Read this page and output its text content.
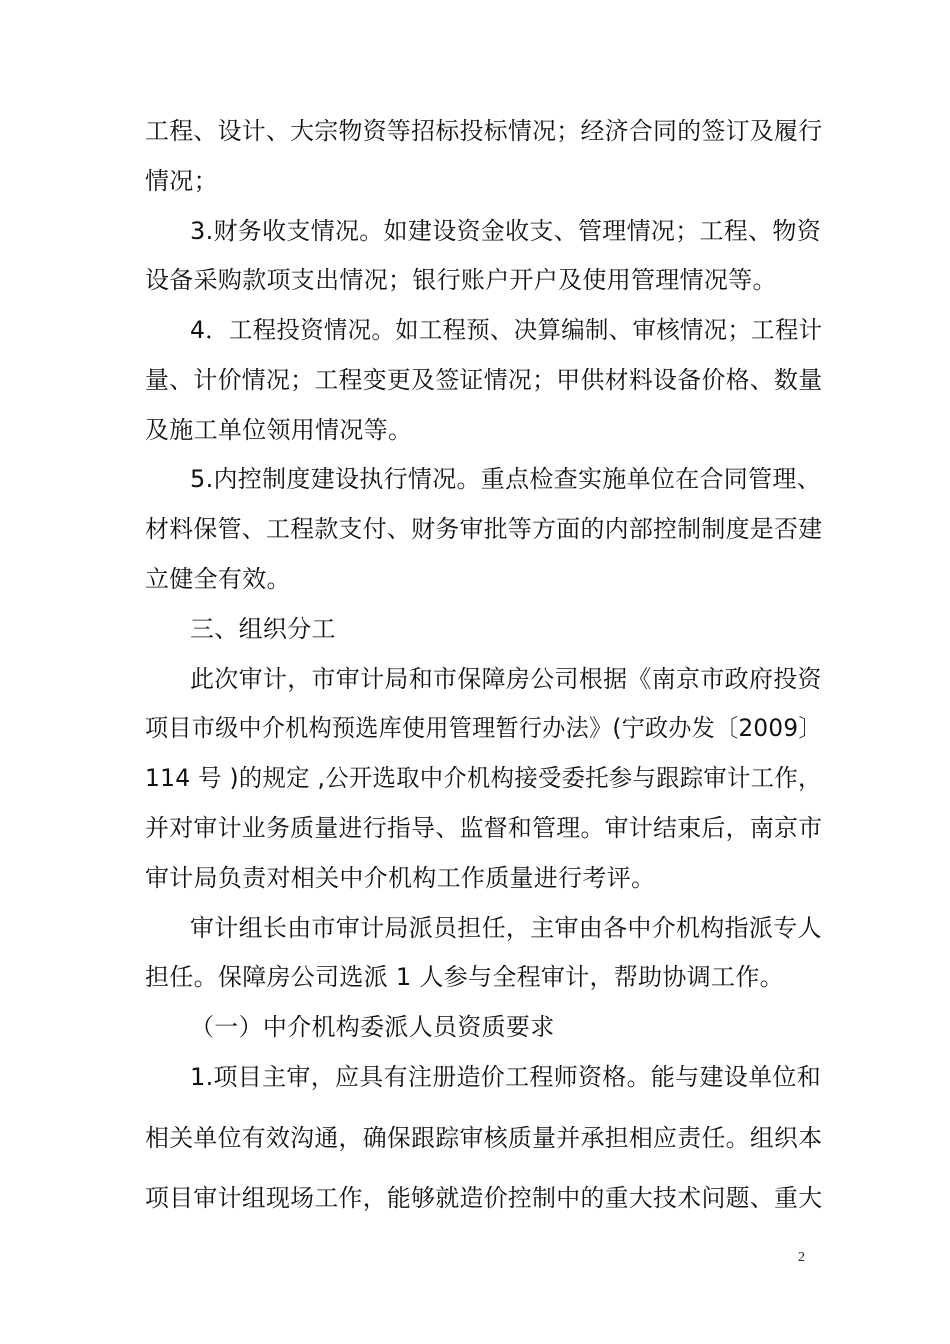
工程、设计、大宗物资等招标投标情况；经济合同的签订及履行
情况；
3.财务收支情况。如建设资金收支、管理情况；工程、物资
设备采购款项支出情况；银行账户开户及使用管理情况等。
4．工程投资情况。如工程预、决算编制、审核情况；工程计
量、计价情况；工程变更及签证情况；甲供材料设备价格、数量
及施工单位领用情况等。
5.内控制度建设执行情况。重点检查实施单位在合同管理、
材料保管、工程款支付、财务审批等方面的内部控制制度是否建
立健全有效。
三、组织分工
此次审计，市审计局和市保障房公司根据《南京市政府投资
项目市级中介机构预选库使用管理暂行办法》(宁政办发〔2009〕
114 号 )的规定 ,公开选取中介机构接受委托参与跟踪审计工作，
并对审计业务质量进行指导、监督和管理。审计结束后，南京市
审计局负责对相关中介机构工作质量进行考评。
审计组长由市审计局派员担任，主审由各中介机构指派专人
担任。保障房公司选派 1 人参与全程审计，帮助协调工作。
（一）中介机构委派人员资质要求
1.项目主审，应具有注册造价工程师资格。能与建设单位和
相关单位有效沟通，确保跟踪审核质量并承担相应责任。组织本
项目审计组现场工作，能够就造价控制中的重大技术问题、重大
2
